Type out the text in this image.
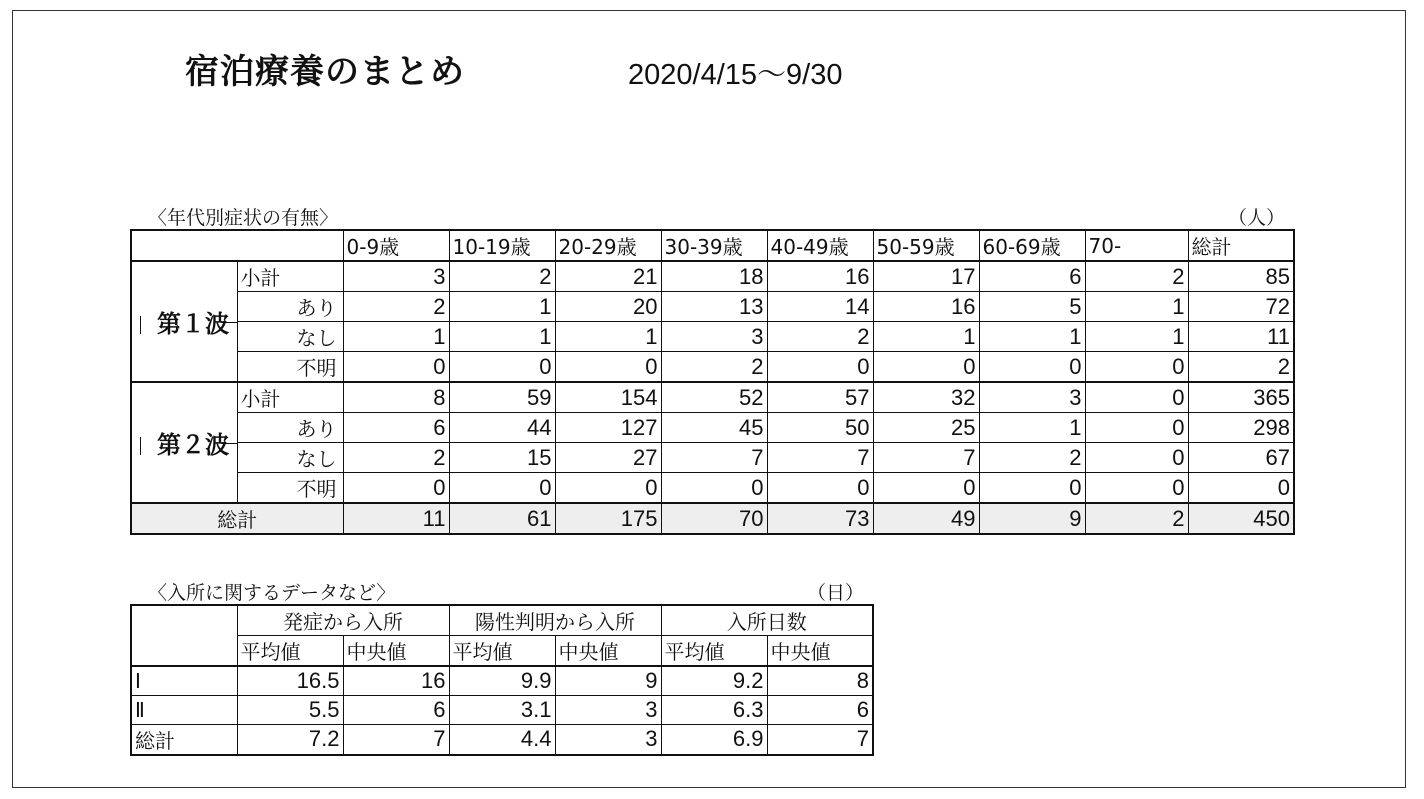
宿泊療養のまとめ	2020/4/15～9/30
〈年代別症状の有無〉	（人）
		0-9歳	10-19歳	20-29歳	30-39歳	40-49歳	50-59歳	60-69歳	70-	総計
第１波	小計	3	2	21	18	16	17	6	2	85
	あり	2	1	20	13	14	16	5	1	72
	なし	1	1	1	3	2	1	1	1	11
	不明	0	0	0	2	0	0	0	0	2
第２波	小計	8	59	154	52	57	32	3	0	365
	あり	6	44	127	45	50	25	1	0	298
	なし	2	15	27	7	7	7	2	0	67
	不明	0	0	0	0	0	0	0	0	0
総計		11	61	175	70	73	49	9	2	450
〈入所に関するデータなど〉	（日）
	発症から入所		陽性判明から入所		入所日数	
	平均値	中央値	平均値	中央値	平均値	中央値
Ⅰ	16.5	16	9.9	9	9.2	8
Ⅱ	5.5	6	3.1	3	6.3	6
総計	7.2	7	4.4	3	6.9	7
